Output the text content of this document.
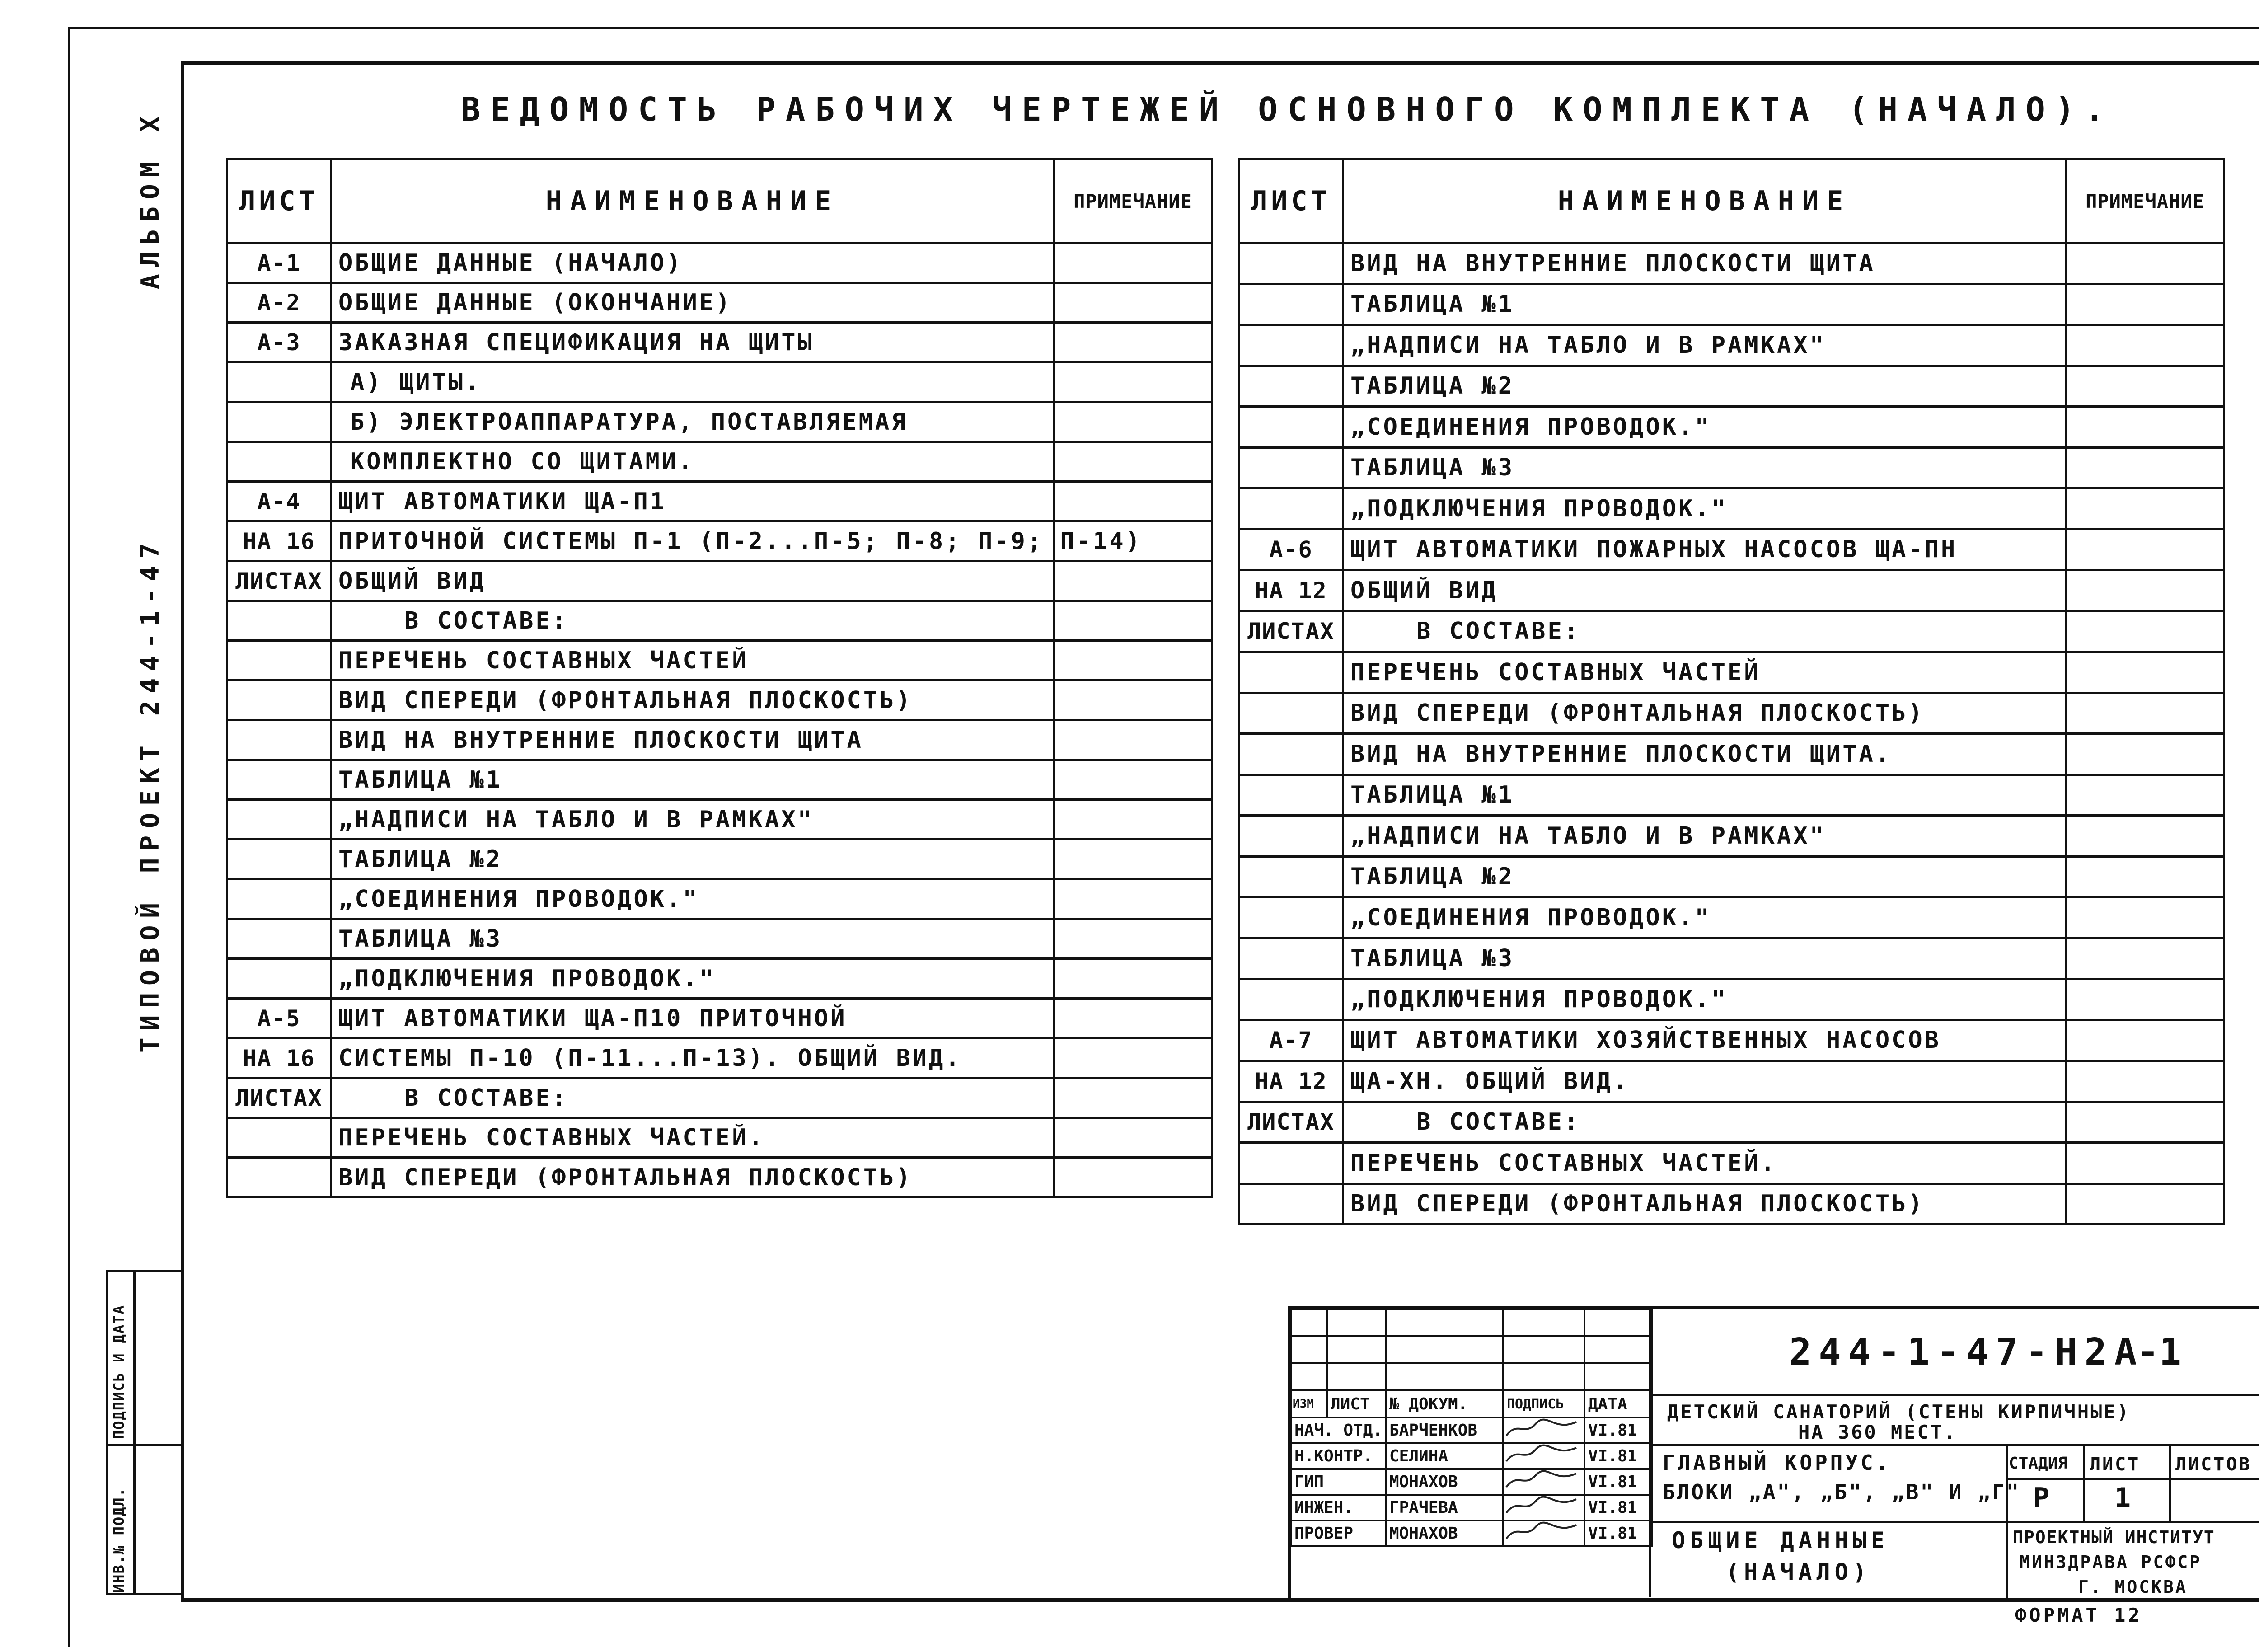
ТИПОВОЙ ПРОЕКТ 244-1-47
АЛЬБОМ Х
ВЕДОМОСТЬ РАБОЧИХ ЧЕРТЕЖЕЙ ОСНОВНОГО КОМПЛЕКТА (НАЧАЛО).
ЛИСТ	НАИМЕНОВАНИЕ	ПРИМЕЧАНИЕ
А-1	ОБЩИЕ ДАННЫЕ (НАЧАЛО)	
А-2	ОБЩИЕ ДАННЫЕ (ОКОНЧАНИЕ)	
А-3	ЗАКАЗНАЯ СПЕЦИФИКАЦИЯ НА ЩИТЫ	
	А) ЩИТЫ.	
	Б) ЭЛЕКТРОАППАРАТУРА, ПОСТАВЛЯЕМАЯ	
	КОМПЛЕКТНО СО ЩИТАМИ.	
А-4	ЩИТ АВТОМАТИКИ ЩА-П1	
НА 16	ПРИТОЧНОЙ СИСТЕМЫ П-1 (П-2...П-5; П-8; П-9; П-14)	
ЛИСТАХ	ОБЩИЙ ВИД	
	В СОСТАВЕ:	
	ПЕРЕЧЕНЬ СОСТАВНЫХ ЧАСТЕЙ	
	ВИД СПЕРЕДИ (ФРОНТАЛЬНАЯ ПЛОСКОСТЬ)	
	ВИД НА ВНУТРЕННИЕ ПЛОСКОСТИ ЩИТА	
	ТАБЛИЦА №1	
	„НАДПИСИ НА ТАБЛО И В РАМКАХ"	
	ТАБЛИЦА №2	
	„СОЕДИНЕНИЯ ПРОВОДОК."	
	ТАБЛИЦА №3	
	„ПОДКЛЮЧЕНИЯ ПРОВОДОК."	
А-5	ЩИТ АВТОМАТИКИ ЩА-П10 ПРИТОЧНОЙ	
НА 16	СИСТЕМЫ П-10 (П-11...П-13). ОБЩИЙ ВИД.	
ЛИСТАХ	В СОСТАВЕ:	
	ПЕРЕЧЕНЬ СОСТАВНЫХ ЧАСТЕЙ.	
	ВИД СПЕРЕДИ (ФРОНТАЛЬНАЯ ПЛОСКОСТЬ)	
ЛИСТ	НАИМЕНОВАНИЕ	ПРИМЕЧАНИЕ
	ВИД НА ВНУТРЕННИЕ ПЛОСКОСТИ ЩИТА	
	ТАБЛИЦА №1	
	„НАДПИСИ НА ТАБЛО И В РАМКАХ"	
	ТАБЛИЦА №2	
	„СОЕДИНЕНИЯ ПРОВОДОК."	
	ТАБЛИЦА №3	
	„ПОДКЛЮЧЕНИЯ ПРОВОДОК."	
А-6	ЩИТ АВТОМАТИКИ ПОЖАРНЫХ НАСОСОВ ЩА-ПН	
НА 12	ОБЩИЙ ВИД	
ЛИСТАХ	В СОСТАВЕ:	
	ПЕРЕЧЕНЬ СОСТАВНЫХ ЧАСТЕЙ	
	ВИД СПЕРЕДИ (ФРОНТАЛЬНАЯ ПЛОСКОСТЬ)	
	ВИД НА ВНУТРЕННИЕ ПЛОСКОСТИ ЩИТА.	
	ТАБЛИЦА №1	
	„НАДПИСИ НА ТАБЛО И В РАМКАХ"	
	ТАБЛИЦА №2	
	„СОЕДИНЕНИЯ ПРОВОДОК."	
	ТАБЛИЦА №3	
	„ПОДКЛЮЧЕНИЯ ПРОВОДОК."	
А-7	ЩИТ АВТОМАТИКИ ХОЗЯЙСТВЕННЫХ НАСОСОВ	
НА 12	ЩА-ХН. ОБЩИЙ ВИД.	
ЛИСТАХ	В СОСТАВЕ:	
	ПЕРЕЧЕНЬ СОСТАВНЫХ ЧАСТЕЙ.	
	ВИД СПЕРЕДИ (ФРОНТАЛЬНАЯ ПЛОСКОСТЬ)	
ИНВ.№ ПОДЛ.
ПОДПИСЬ И ДАТА

					ИЗМ	ЛИСТ	№ ДОКУМ.	ПОДПИСЬ	ДАТА
НАЧ. ОТД.		БАРЧЕНКОВ		VI.81
Н.КОНТР.		СЕЛИНА		VI.81
ГИП		МОНАХОВ		VI.81
ИНЖЕН.		ГРАЧЕВА		VI.81
ПРОВЕР		МОНАХОВ		VI.81
244-1-47-Н2 А-1
ДЕТСКИЙ САНАТОРИЙ (СТЕНЫ КИРПИЧНЫЕ)
НА 360 МЕСТ.
ГЛАВНЫЙ КОРПУС.
БЛОКИ „А", „Б", „В" И „Г"
ОБЩИЕ ДАННЫЕ
(НАЧАЛО)
СТАДИЯ ЛИСТ ЛИСТОВ
Р 1
ПРОЕКТНЫЙ ИНСТИТУТ
МИНЗДРАВА РСФСР
Г. МОСКВА
ФОРМАТ 12
